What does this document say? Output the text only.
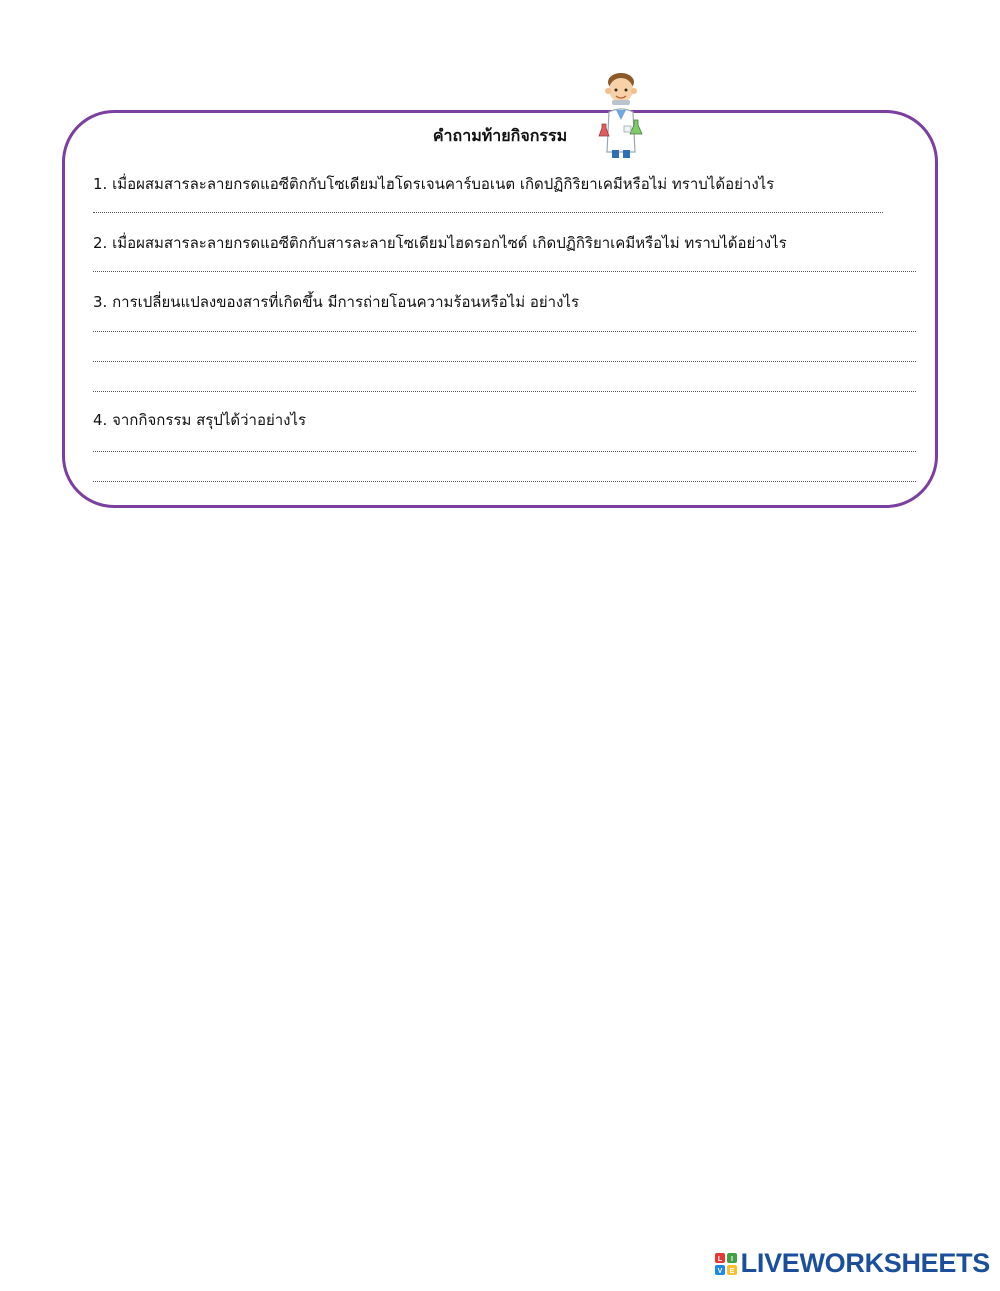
คำถามท้ายกิจกรรม
1. เมื่อผสมสารละลายกรดแอซีติกกับโซเดียมไฮโดรเจนคาร์บอเนต เกิดปฏิกิริยาเคมีหรือไม่ ทราบได้อย่างไร
2. เมื่อผสมสารละลายกรดแอซีติกกับสารละลายโซเดียมไฮดรอกไซด์ เกิดปฏิกิริยาเคมีหรือไม่ ทราบได้อย่างไร
3. การเปลี่ยนแปลงของสารที่เกิดขึ้น มีการถ่ายโอนความร้อนหรือไม่ อย่างไร
4. จากกิจกรรม สรุปได้ว่าอย่างไร
L I
V E LIVEWORKSHEETS
